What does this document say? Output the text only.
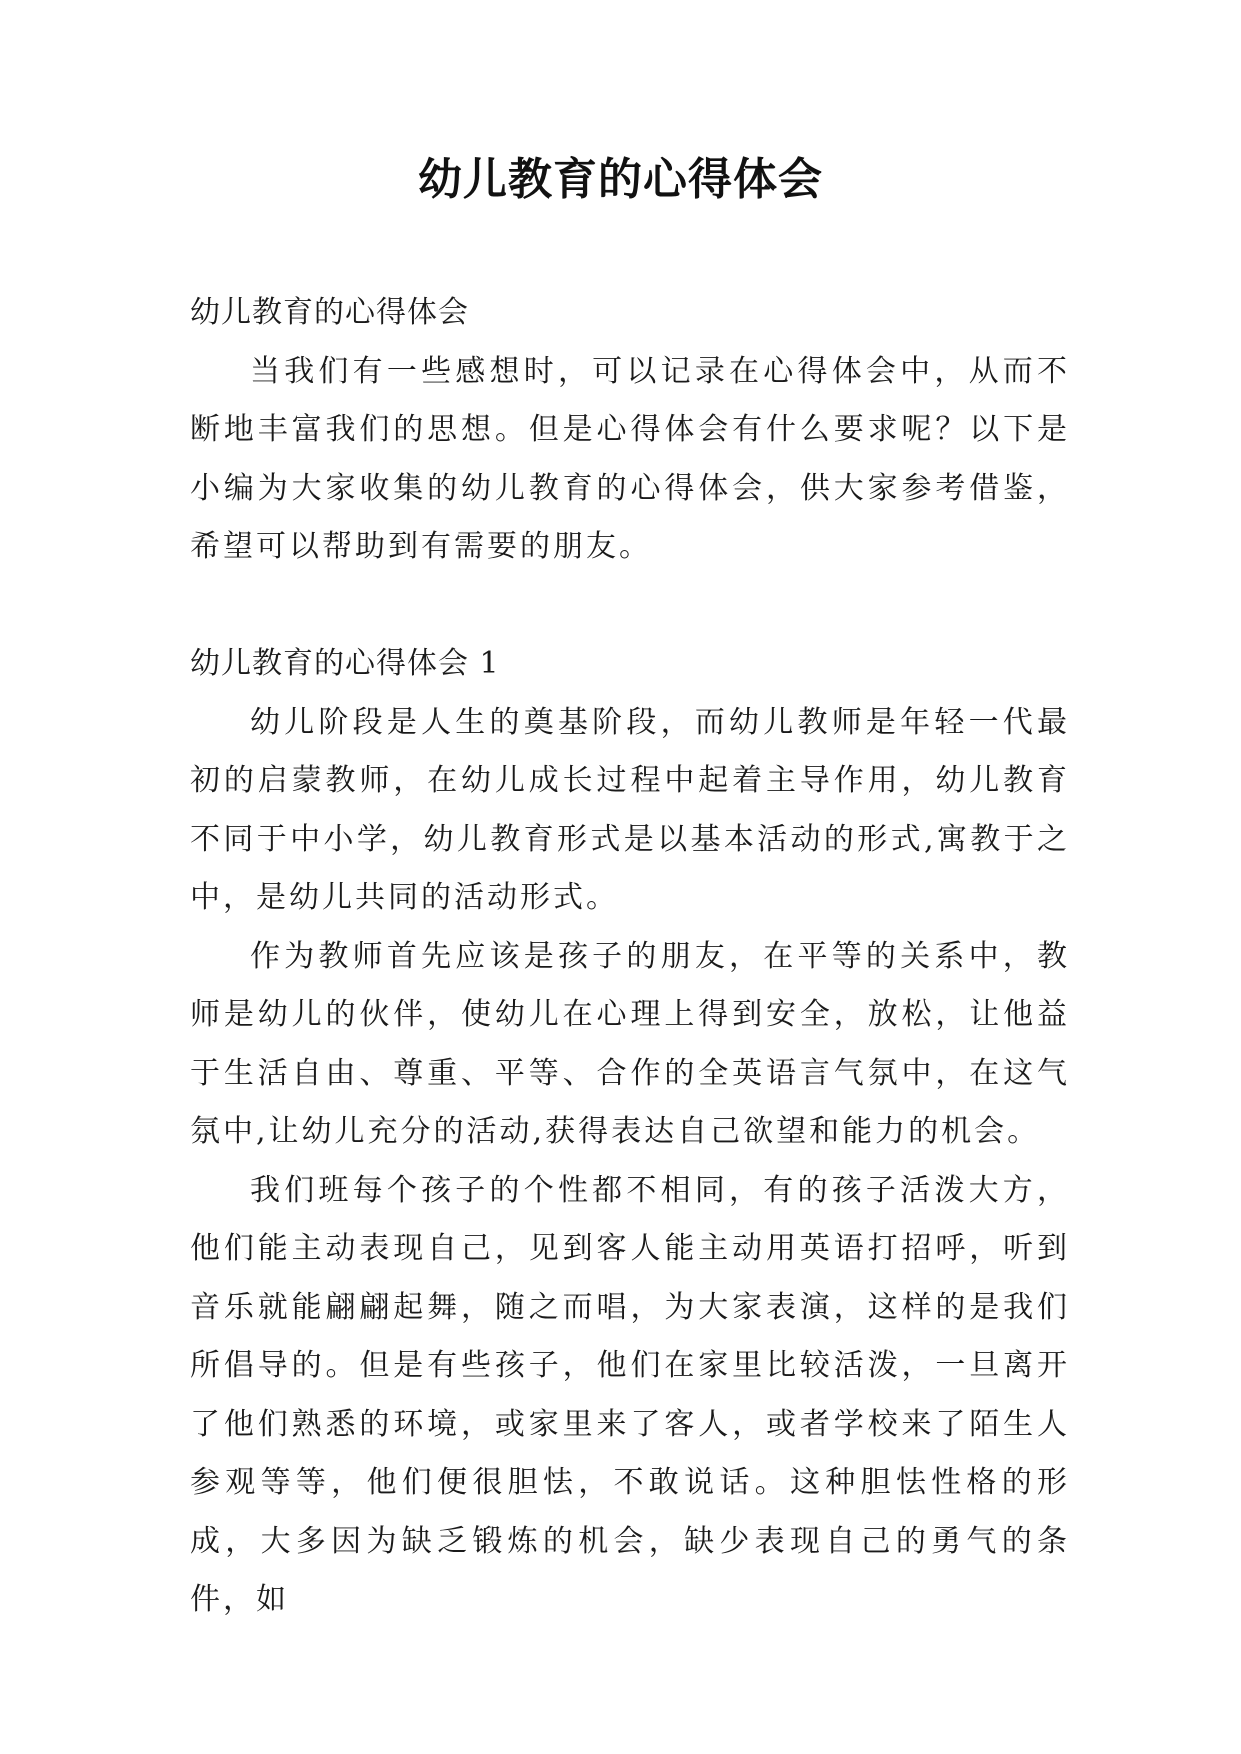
幼儿教育的心得体会

幼儿教育的心得体会

当我们有一些感想时，可以记录在心得体会中，从而不断地丰富我们的思想。但是心得体会有什么要求呢？以下是小编为大家收集的幼儿教育的心得体会，供大家参考借鉴，希望可以帮助到有需要的朋友。

幼儿教育的心得体会 1

幼儿阶段是人生的奠基阶段，而幼儿教师是年轻一代最初的启蒙教师，在幼儿成长过程中起着主导作用，幼儿教育不同于中小学，幼儿教育形式是以基本活动的形式,寓教于之中，是幼儿共同的活动形式。

作为教师首先应该是孩子的朋友，在平等的关系中，教师是幼儿的伙伴，使幼儿在心理上得到安全，放松，让他益于生活自由、尊重、平等、合作的全英语言气氛中，在这气氛中,让幼儿充分的活动,获得表达自己欲望和能力的机会。

我们班每个孩子的个性都不相同，有的孩子活泼大方，他们能主动表现自己，见到客人能主动用英语打招呼，听到音乐就能翩翩起舞，随之而唱，为大家表演，这样的是我们所倡导的。但是有些孩子，他们在家里比较活泼，一旦离开了他们熟悉的环境，或家里来了客人，或者学校来了陌生人参观等等，他们便很胆怯，不敢说话。这种胆怯性格的形成，大多因为缺乏锻炼的机会，缺少表现自己的勇气的条件，如
